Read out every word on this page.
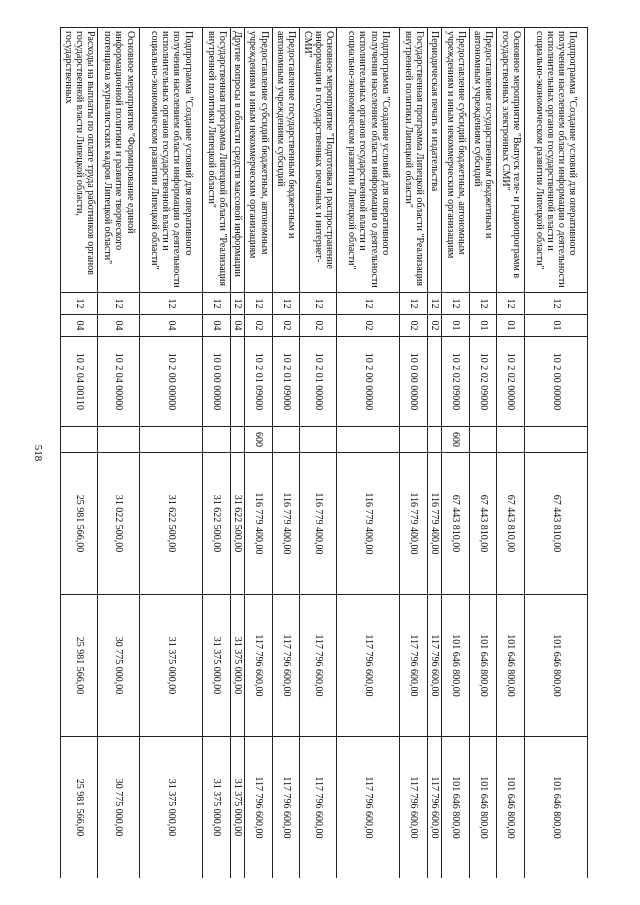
518
Подпрограмма "Создание условий для оперативного получения населением области информации о деятельности исполнительных органов государственной власти и социально-экономическом развитии Липецкой области"	12	01	10 2 00 00000		67 443 810,00	101 646 800,00	101 646 800,00
Основное мероприятие "Выпуск теле- и радиопрограмм в государственных электронных СМИ"	12	01	10 2 02 00000		67 443 810,00	101 646 800,00	101 646 800,00
Предоставление государственным бюджетным и автономным учреждениям субсидий	12	01	10 2 02 09000		67 443 810,00	101 646 800,00	101 646 800,00
Предоставление субсидий бюджетным, автономным учреждениям и иным некоммерческим организациям	12	01	10 2 02 09000	600	67 443 810,00	101 646 800,00	101 646 800,00
Периодическая печать и издательства	12	02			116 779 400,00	117 796 600,00	117 796 600,00
Государственная программа Липецкой области "Реализация внутренней политики Липецкой области"	12	02	10 0 00 00000		116 779 400,00	117 796 600,00	117 796 600,00
Подпрограмма "Создание условий для оперативного получения населением области информации о деятельности исполнительных органов государственной власти и социально-экономическом развитии Липецкой области"	12	02	10 2 00 00000		116 779 400,00	117 796 600,00	117 796 600,00
Основное мероприятие "Подготовка и распространение информации в государственных печатных и интернет-СМИ"	12	02	10 2 01 00000		116 779 400,00	117 796 600,00	117 796 600,00
Предоставление государственным бюджетным и автономным учреждениям субсидий	12	02	10 2 01 09000		116 779 400,00	117 796 600,00	117 796 600,00
Предоставление субсидий бюджетным, автономным учреждениям и иным некоммерческим организациям	12	02	10 2 01 09000	600	116 779 400,00	117 796 600,00	117 796 600,00
Другие вопросы в области средств массовой информации	12	04			31 622 500,00	31 375 000,00	31 375 000,00
Государственная программа Липецкой области "Реализация внутренней политики Липецкой области"	12	04	10 0 00 00000		31 622 500,00	31 375 000,00	31 375 000,00
Подпрограмма "Создание условий для оперативного получения населением области информации о деятельности исполнительных органов государственной власти и социально-экономическом развитии Липецкой области"	12	04	10 2 00 00000		31 622 500,00	31 375 000,00	31 375 000,00
Основное мероприятие "Формирование единой информационной политики и развитие творческого потенциала журналистских кадров Липецкой области"	12	04	10 2 04 00000		31 022 500,00	30 775 000,00	30 775 000,00
Расходы на выплаты по оплате труда работников органов государственной власти Липецкой области, государственных	12	04	10 2 04 00110		25 981 566,00	25 981 566,00	25 981 566,00
